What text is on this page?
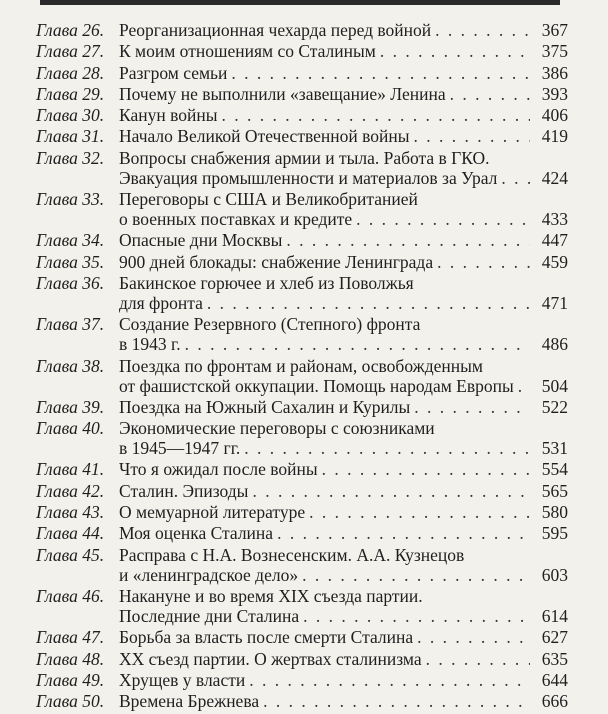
Глава 26. Реорганизационная чехарда перед войной . . .	367
Глава 27. К моим отношениям со Сталиным . . .	375
Глава 28. Разгром семьи . . .	386
Глава 29. Почему не выполнили «завещание» Ленина . . .	393
Глава 30. Канун войны . . .	406
Глава 31. Начало Великой Отечественной войны . . .	419
Глава 32. Вопросы снабжения армии и тыла. Работа в ГКО.
Эвакуация промышленности и материалов за Урал . . .	424
Глава 33. Переговоры с США и Великобританией
о военных поставках и кредите . . .	433
Глава 34. Опасные дни Москвы . . .	447
Глава 35. 900 дней блокады: снабжение Ленинграда . . .	459
Глава 36. Бакинское горючее и хлеб из Поволжья
для фронта . . .	471
Глава 37. Создание Резервного (Степного) фронта
в 1943 г. . . .	486
Глава 38. Поездка по фронтам и районам, освобожденным
от фашистской оккупации. Помощь народам Европы . . .	504
Глава 39. Поездка на Южный Сахалин и Курилы . . .	522
Глава 40. Экономические переговоры с союзниками
в 1945—1947 гг. . . .	531
Глава 41. Что я ожидал после войны . . .	554
Глава 42. Сталин. Эпизоды . . .	565
Глава 43. О мемуарной литературе . . .	580
Глава 44. Моя оценка Сталина . . .	595
Глава 45. Расправа с Н.А. Вознесенским. А.А. Кузнецов
и «ленинградское дело» . . .	603
Глава 46. Накануне и во время XIX съезда партии.
Последние дни Сталина . . .	614
Глава 47. Борьба за власть после смерти Сталина . . .	627
Глава 48. XX съезд партии. О жертвах сталинизма . . .	635
Глава 49. Хрущев у власти . . .	644
Глава 50. Времена Брежнева . . .	666
